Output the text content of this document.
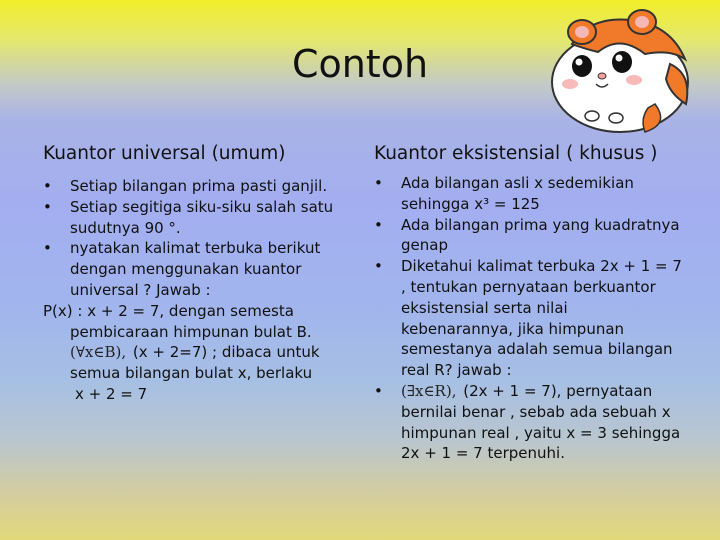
Contoh
Kuantor universal (umum)	Kuantor eksistensial ( khusus )
• Setiap bilangan prima pasti ganjil.
• Setiap segitiga siku-siku salah satu sudutnya 90 °.
• nyatakan kalimat terbuka berikut dengan menggunakan kuantor universal ? Jawab :
P(x) : x + 2 = 7, dengan semesta pembicaraan himpunan bulat B.
(∀x∈B), (x + 2=7) ; dibaca untuk semua bilangan bulat x, berlaku
x + 2 = 7
• Ada bilangan asli x sedemikian sehingga x³ = 125
• Ada bilangan prima yang kuadratnya genap
• Diketahui kalimat terbuka 2x + 1 = 7 , tentukan pernyataan berkuantor eksistensial serta nilai kebenarannya, jika himpunan semestanya adalah semua bilangan real R? jawab :
• (∃x∈R), (2x + 1 = 7), pernyataan bernilai benar , sebab ada sebuah x himpunan real , yaitu x = 3 sehingga 2x + 1 = 7 terpenuhi.
